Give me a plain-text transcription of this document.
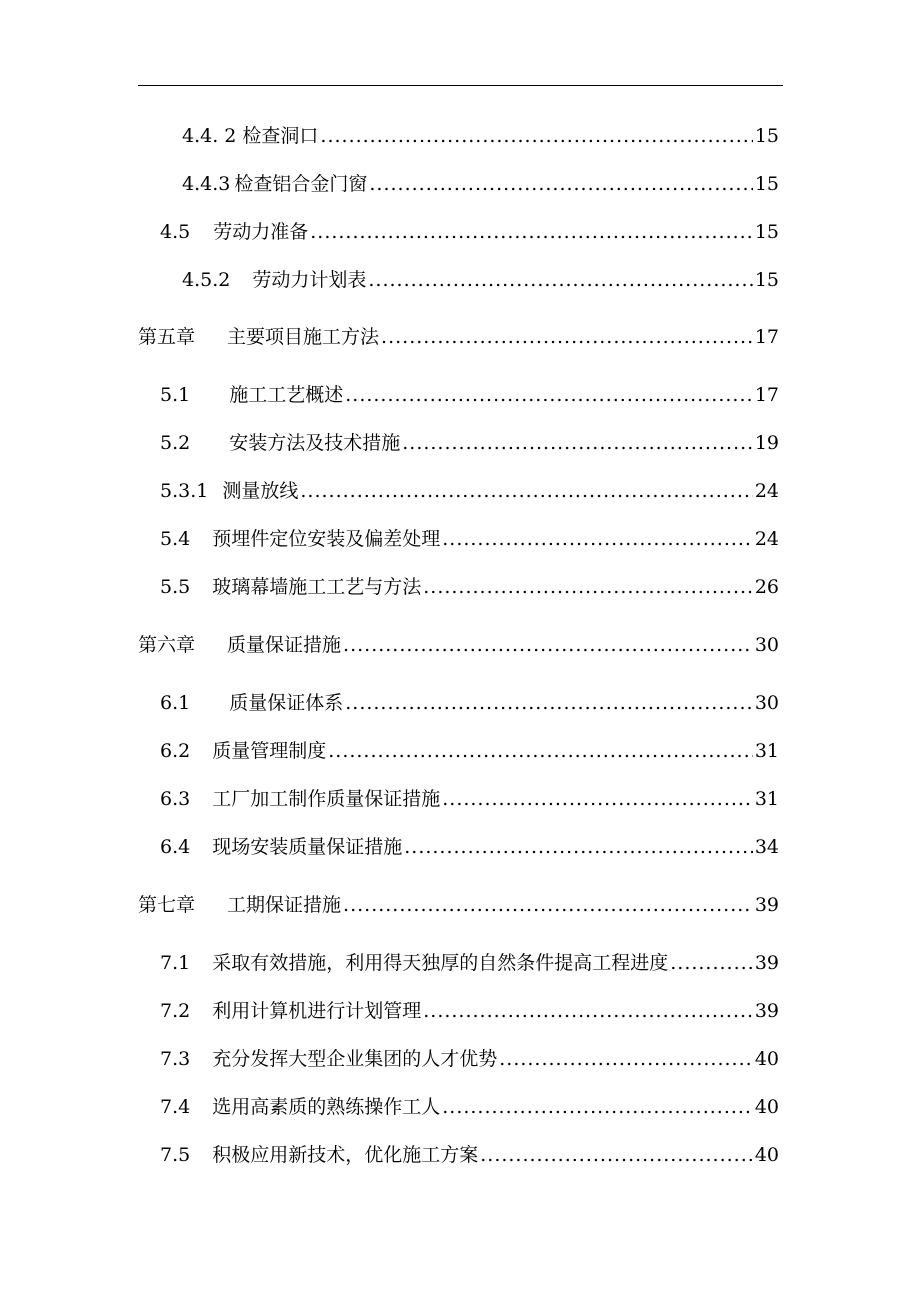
4.4. 2 检查洞口 .....	15
4.4.3 检查铝合金门窗 .....	15
4.5 劳动力准备 .....	15
4.5.2 劳动力计划表 .....	15
第五章 主要项目施工方法 .....	17
5.1 施工工艺概述 .....	17
5.2 安装方法及技术措施 .....	19
5.3.1 测量放线 .....	24
5.4 预埋件定位安装及偏差处理 .....	24
5.5 玻璃幕墙施工工艺与方法 .....	26
第六章 质量保证措施 .....	30
6.1 质量保证体系 .....	30
6.2 质量管理制度 .....	31
6.3 工厂加工制作质量保证措施 .....	31
6.4 现场安装质量保证措施 .....	34
第七章 工期保证措施 .....	39
7.1 采取有效措施，利用得天独厚的自然条件提高工程进度 .....	39
7.2 利用计算机进行计划管理 .....	39
7.3 充分发挥大型企业集团的人才优势 .....	40
7.4 选用高素质的熟练操作工人 .....	40
7.5 积极应用新技术，优化施工方案 .....	40
